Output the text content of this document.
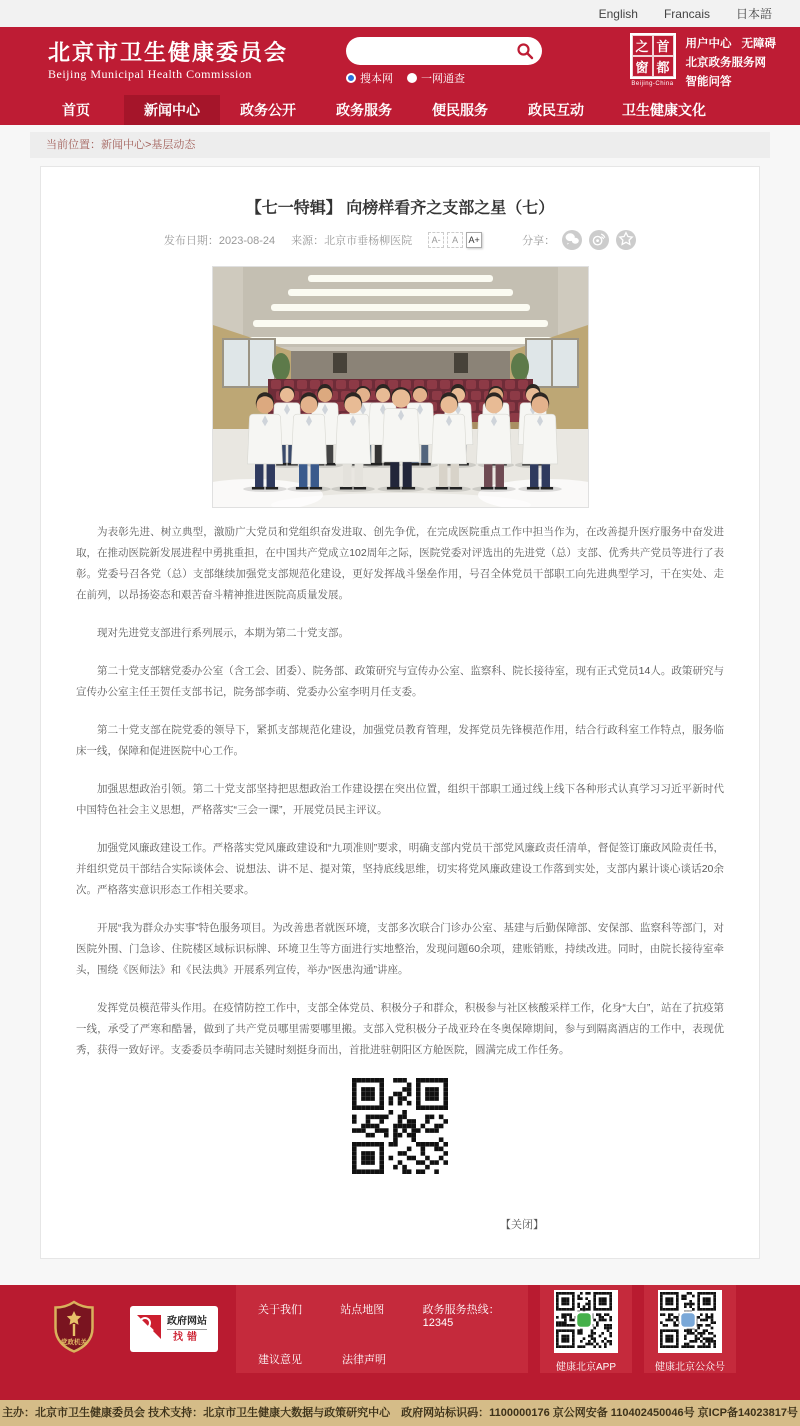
English Francais 日本語
北京市卫生健康委员会
Beijing Municipal Health Commission	搜本网	一网通查
之 首
窗 都
Beijing-China
用户中心 无障碍
北京政务服务网
智能问答
首页	新闻中心	政务公开	政务服务	便民服务	政民互动	卫生健康文化
当前位置：新闻中心>基层动态
【七一特辑】 向榜样看齐之支部之星（七）
发布日期：2023-08-24 来源：北京市垂杨柳医院	A-	A	A+	分享：

为表彰先进、树立典型，激励广大党员和党组织奋发进取、创先争优，在完成医院重点工作中担当作为，在改善提升医疗服务中奋发进取，在推动医院新发展进程中勇挑重担，在中国共产党成立102周年之际，医院党委对评选出的先进党（总）支部、优秀共产党员等进行了表彰。党委号召各党（总）支部继续加强党支部规范化建设，更好发挥战斗堡垒作用，号召全体党员干部职工向先进典型学习，干在实处、走在前列，以昂扬姿态和艰苦奋斗精神推进医院高质量发展。

现对先进党支部进行系列展示，本期为第二十党支部。

第二十党支部辖党委办公室（含工会、团委）、院务部、政策研究与宣传办公室、监察科、院长接待室，现有正式党员14人。政策研究与宣传办公室主任王贺任支部书记，院务部李萌、党委办公室李明月任支委。

第二十党支部在院党委的领导下，紧抓支部规范化建设，加强党员教育管理，发挥党员先锋模范作用，结合行政科室工作特点，服务临床一线，保障和促进医院中心工作。

加强思想政治引领。第二十党支部坚持把思想政治工作建设摆在突出位置，组织干部职工通过线上线下各种形式认真学习习近平新时代中国特色社会主义思想，严格落实“三会一课”，开展党员民主评议。

加强党风廉政建设工作。严格落实党风廉政建设和“九项准则”要求，明确支部内党员干部党风廉政责任清单，督促签订廉政风险责任书，并组织党员干部结合实际谈体会、说想法、讲不足、提对策，坚持底线思维，切实将党风廉政建设工作落到实处，支部内累计谈心谈话20余次。严格落实意识形态工作相关要求。

开展“我为群众办实事”特色服务项目。为改善患者就医环境，支部多次联合门诊办公室、基建与后勤保障部、安保部、监察科等部门，对医院外围、门急诊、住院楼区域标识标牌、环境卫生等方面进行实地整治，发现问题60余项，建账销账，持续改进。同时，由院长接待室牵头，围绕《医师法》和《民法典》开展系列宣传，举办“医患沟通”讲座。

发挥党员模范带头作用。在疫情防控工作中，支部全体党员、积极分子和群众，积极参与社区核酸采样工作，化身“大白”，站在了抗疫第一线，承受了严寒和酷暑，做到了共产党员哪里需要哪里搬。支部入党积极分子战亚玲在冬奥保障期间，参与到隔离酒店的工作中，表现优秀，获得一致好评。支委委员李萌同志关键时刻挺身而出，首批进驻朝阳区方舱医院，圆满完成工作任务。

【关闭】
党政机关
政府网站
找错
关于我们	站点地图	政务服务热线：12345
建议意见	法律声明
健康北京APP	健康北京公众号
主办：北京市卫生健康委员会 技术支持：北京市卫生健康大数据与政策研究中心　政府网站标识码：1100000176 京公网安备 110402450046号 京ICP备14023817号
